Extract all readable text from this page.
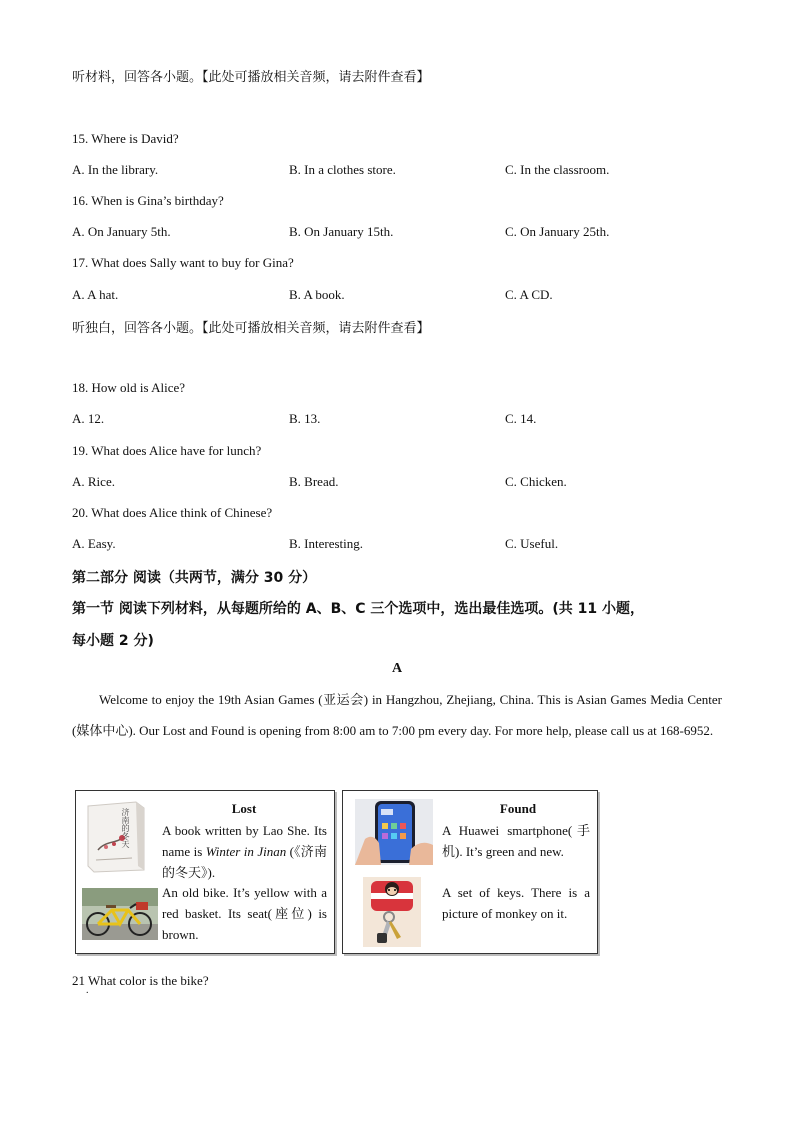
听材料，回答各小题。【此处可播放相关音频，请去附件查看】
15. Where is David?
A. In the library.	B. In a clothes store.	C. In the classroom.
16. When is Gina’s birthday?
A. On January 5th.	B. On January 15th.	C. On January 25th.
17. What does Sally want to buy for Gina?
A. A hat.	B. A book.	C. A CD.
听独白，回答各小题。【此处可播放相关音频，请去附件查看】
18. How old is Alice?
A. 12.	B. 13.	C. 14.
19. What does Alice have for lunch?
A. Rice.	B. Bread.	C. Chicken.
20. What does Alice think of Chinese?
A. Easy.	B. Interesting.	C. Useful.
第二部分 阅读（共两节，满分 30 分）
第一节 阅读下列材料，从每题所给的 A、B、C 三个选项中，选出最佳选项。(共 11 小题，
每小题 2 分)
A
Welcome to enjoy the 19th Asian Games (亚运会) in Hangzhou, Zhejiang, China. This is Asian Games Media Center (媒体中心). Our Lost and Found is opening from 8:00 am to 7:00 pm every day. For more help, please call us at 168-6952.
Lost
济南的冬天 A book written by Lao She. Its name is Winter in Jinan (《济南的冬天》).
An old bike. It’s yellow with a red basket. Its seat(座位) is brown.
Found
A Huawei smartphone(手机). It’s green and new.
A set of keys. There is a picture of monkey on it.
21 What color is the bike?
.
